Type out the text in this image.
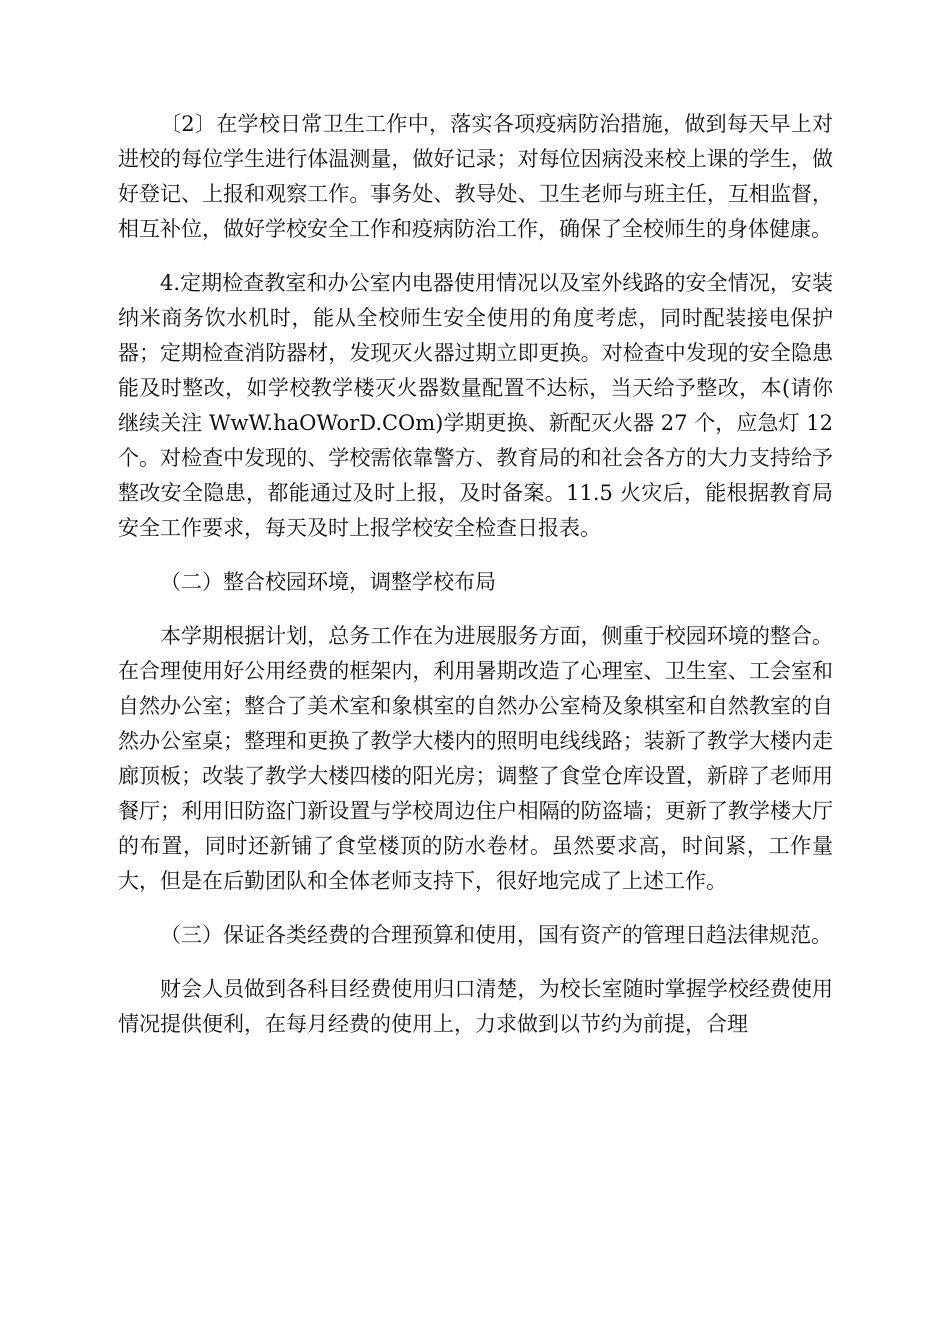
〔2〕在学校日常卫生工作中，落实各项疫病防治措施，做到每天早上对进校的每位学生进行体温测量，做好记录；对每位因病没来校上课的学生，做好登记、上报和观察工作。事务处、教导处、卫生老师与班主任，互相监督，相互补位，做好学校安全工作和疫病防治工作，确保了全校师生的身体健康。

4.定期检查教室和办公室内电器使用情况以及室外线路的安全情况，安装纳米商务饮水机时，能从全校师生安全使用的角度考虑，同时配装接电保护器；定期检查消防器材，发现灭火器过期立即更换。对检查中发现的安全隐患能及时整改，如学校教学楼灭火器数量配置不达标，当天给予整改，本(请你继续关注 WwW.haOWorD.COm)学期更换、新配灭火器 27 个，应急灯 12 个。对检查中发现的、学校需依靠警方、教育局的和社会各方的大力支持给予整改安全隐患，都能通过及时上报，及时备案。11.5 火灾后，能根据教育局安全工作要求，每天及时上报学校安全检查日报表。

（二）整合校园环境，调整学校布局

本学期根据计划，总务工作在为进展服务方面，侧重于校园环境的整合。在合理使用好公用经费的框架内，利用暑期改造了心理室、卫生室、工会室和自然办公室；整合了美术室和象棋室的自然办公室椅及象棋室和自然教室的自然办公室桌；整理和更换了教学大楼内的照明电线线路；装新了教学大楼内走廊顶板；改装了教学大楼四楼的阳光房；调整了食堂仓库设置，新辟了老师用餐厅；利用旧防盗门新设置与学校周边住户相隔的防盗墙；更新了教学楼大厅的布置，同时还新铺了食堂楼顶的防水卷材。虽然要求高，时间紧，工作量大，但是在后勤团队和全体老师支持下，很好地完成了上述工作。

（三）保证各类经费的合理预算和使用，国有资产的管理日趋法律规范。

财会人员做到各科目经费使用归口清楚，为校长室随时掌握学校经费使用情况提供便利，在每月经费的使用上，力求做到以节约为前提，合理
